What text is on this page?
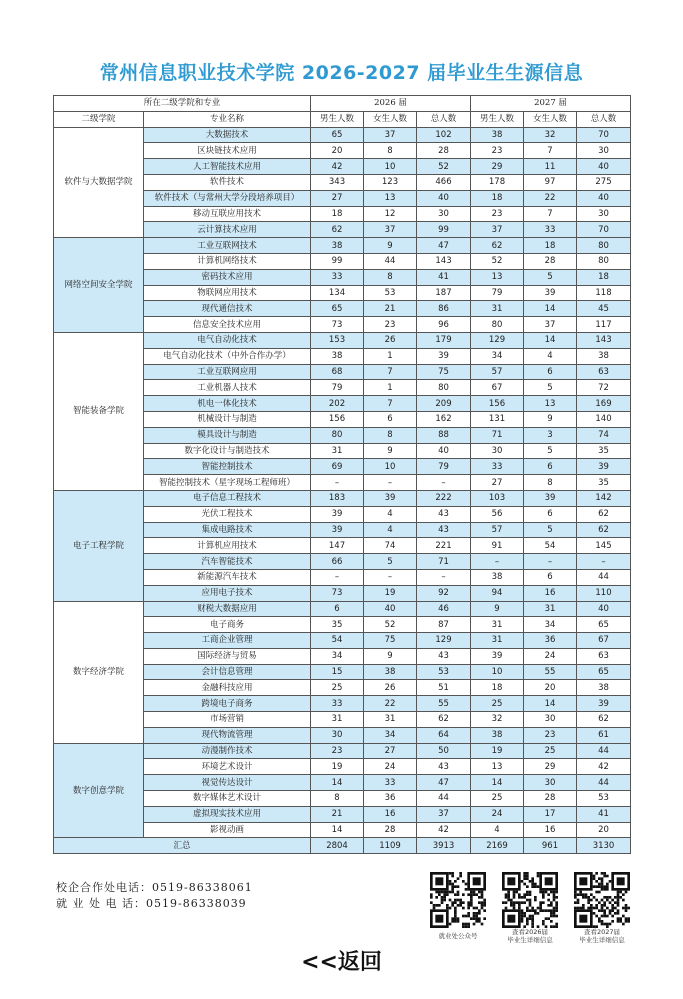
常州信息职业技术学院 2026-2027 届毕业生生源信息
所在二级学院和专业		2026 届			2027 届		
二级学院	专业名称	男生人数	女生人数	总人数	男生人数	女生人数	总人数
软件与大数据学院	大数据技术	65	37	102	38	32	70
	区块链技术应用	20	8	28	23	7	30
	人工智能技术应用	42	10	52	29	11	40
	软件技术	343	123	466	178	97	275
	软件技术（与常州大学分段培养项目）	27	13	40	18	22	40
	移动互联应用技术	18	12	30	23	7	30
	云计算技术应用	62	37	99	37	33	70
网络空间安全学院	工业互联网技术	38	9	47	62	18	80
	计算机网络技术	99	44	143	52	28	80
	密码技术应用	33	8	41	13	5	18
	物联网应用技术	134	53	187	79	39	118
	现代通信技术	65	21	86	31	14	45
	信息安全技术应用	73	23	96	80	37	117
智能装备学院	电气自动化技术	153	26	179	129	14	143
	电气自动化技术（中外合作办学）	38	1	39	34	4	38
	工业互联网应用	68	7	75	57	6	63
	工业机器人技术	79	1	80	67	5	72
	机电一体化技术	202	7	209	156	13	169
	机械设计与制造	156	6	162	131	9	140
	模具设计与制造	80	8	88	71	3	74
	数字化设计与制造技术	31	9	40	30	5	35
	智能控制技术	69	10	79	33	6	39
	智能控制技术（星字现场工程师班）	–	–	–	27	8	35
电子工程学院	电子信息工程技术	183	39	222	103	39	142
	光伏工程技术	39	4	43	56	6	62
	集成电路技术	39	4	43	57	5	62
	计算机应用技术	147	74	221	91	54	145
	汽车智能技术	66	5	71	–	–	–
	新能源汽车技术	–	–	–	38	6	44
	应用电子技术	73	19	92	94	16	110
数字经济学院	财税大数据应用	6	40	46	9	31	40
	电子商务	35	52	87	31	34	65
	工商企业管理	54	75	129	31	36	67
	国际经济与贸易	34	9	43	39	24	63
	会计信息管理	15	38	53	10	55	65
	金融科技应用	25	26	51	18	20	38
	跨境电子商务	33	22	55	25	14	39
	市场营销	31	31	62	32	30	62
	现代物流管理	30	34	64	38	23	61
数字创意学院	动漫制作技术	23	27	50	19	25	44
	环境艺术设计	19	24	43	13	29	42
	视觉传达设计	14	33	47	14	30	44
	数字媒体艺术设计	8	36	44	25	28	53
	虚拟现实技术应用	21	16	37	24	17	41
	影视动画	14	28	42	4	16	20
汇总		2804	1109	3913	2169	961	3130
校企合作处电话：0519-86338061
就 业 处 电 话：0519-86338039
就业处公众号	查看2026届
毕业生详细信息
查看2027届
毕业生详细信息
<<返回
